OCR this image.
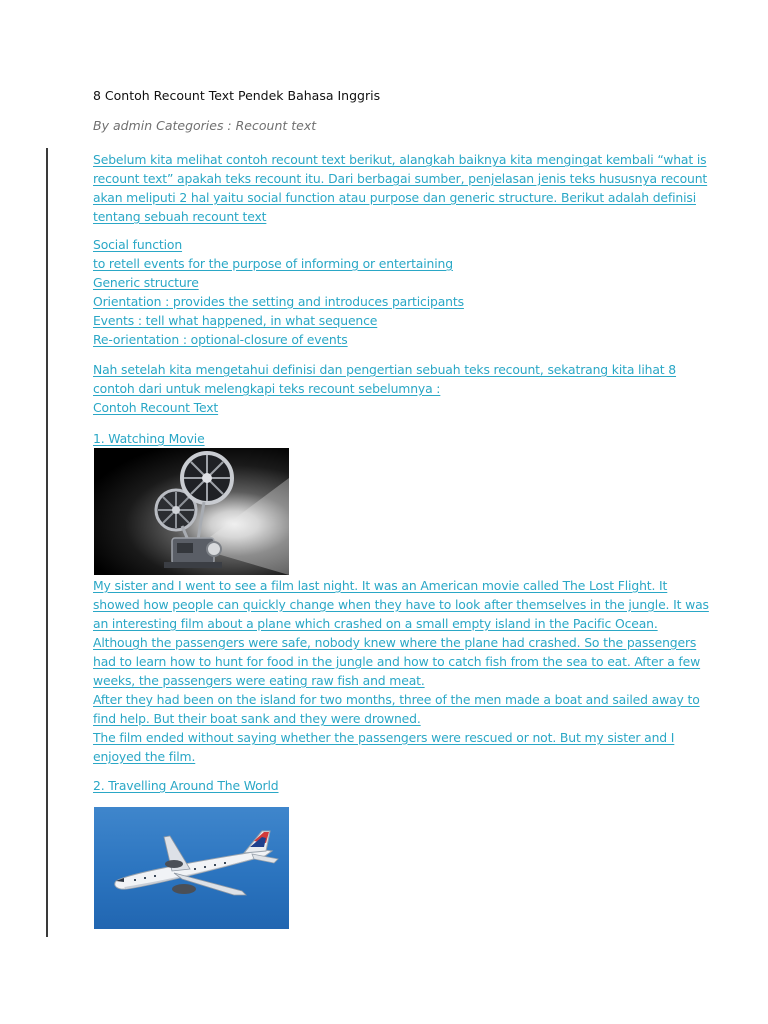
8 Contoh Recount Text Pendek Bahasa Inggris
By admin Categories : Recount text
Sebelum kita melihat contoh recount text berikut, alangkah baiknya kita mengingat kembali “what is
recount text” apakah teks recount itu. Dari berbagai sumber, penjelasan jenis teks hususnya recount
akan meliputi 2 hal yaitu social function atau purpose dan generic structure. Berikut adalah definisi
tentang sebuah recount text
Social function
to retell events for the purpose of informing or entertaining
Generic structure
Orientation : provides the setting and introduces participants
Events : tell what happened, in what sequence
Re-orientation : optional-closure of events
Nah setelah kita mengetahui definisi dan pengertian sebuah teks recount, sekatrang kita lihat 8
contoh dari untuk melengkapi teks recount sebelumnya :
Contoh Recount Text
1. Watching Movie
My sister and I went to see a film last night. It was an American movie called The Lost Flight. It
showed how people can quickly change when they have to look after themselves in the jungle. It was
an interesting film about a plane which crashed on a small empty island in the Pacific Ocean.
Although the passengers were safe, nobody knew where the plane had crashed. So the passengers
had to learn how to hunt for food in the jungle and how to catch fish from the sea to eat. After a few
weeks, the passengers were eating raw fish and meat.
After they had been on the island for two months, three of the men made a boat and sailed away to
find help. But their boat sank and they were drowned.
The film ended without saying whether the passengers were rescued or not. But my sister and I
enjoyed the film.
2. Travelling Around The World
